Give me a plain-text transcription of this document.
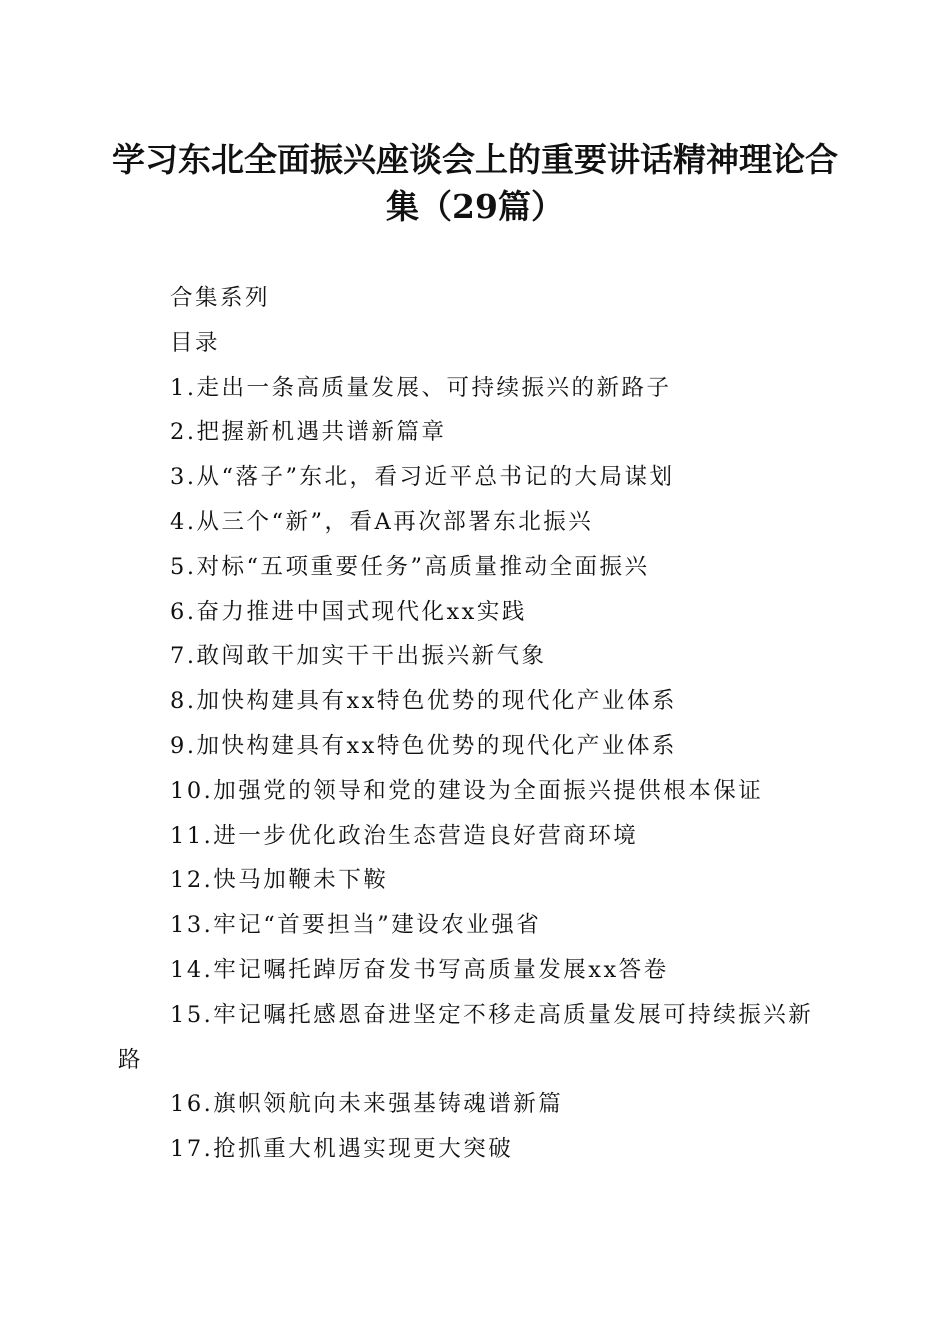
学习东北全面振兴座谈会上的重要讲话精神理论合集（29篇）

合集系列

目录

1.走出一条高质量发展、可持续振兴的新路子

2.把握新机遇共谱新篇章

3.从“落子”东北，看习近平总书记的大局谋划

4.从三个“新”，看A再次部署东北振兴

5.对标“五项重要任务”高质量推动全面振兴

6.奋力推进中国式现代化xx实践

7.敢闯敢干加实干干出振兴新气象

8.加快构建具有xx特色优势的现代化产业体系

9.加快构建具有xx特色优势的现代化产业体系

10.加强党的领导和党的建设为全面振兴提供根本保证

11.进一步优化政治生态营造良好营商环境

12.快马加鞭未下鞍

13.牢记“首要担当”建设农业强省

14.牢记嘱托踔厉奋发书写高质量发展xx答卷

15.牢记嘱托感恩奋进坚定不移走高质量发展可持续振兴新路

16.旗帜领航向未来强基铸魂谱新篇

17.抢抓重大机遇实现更大突破
